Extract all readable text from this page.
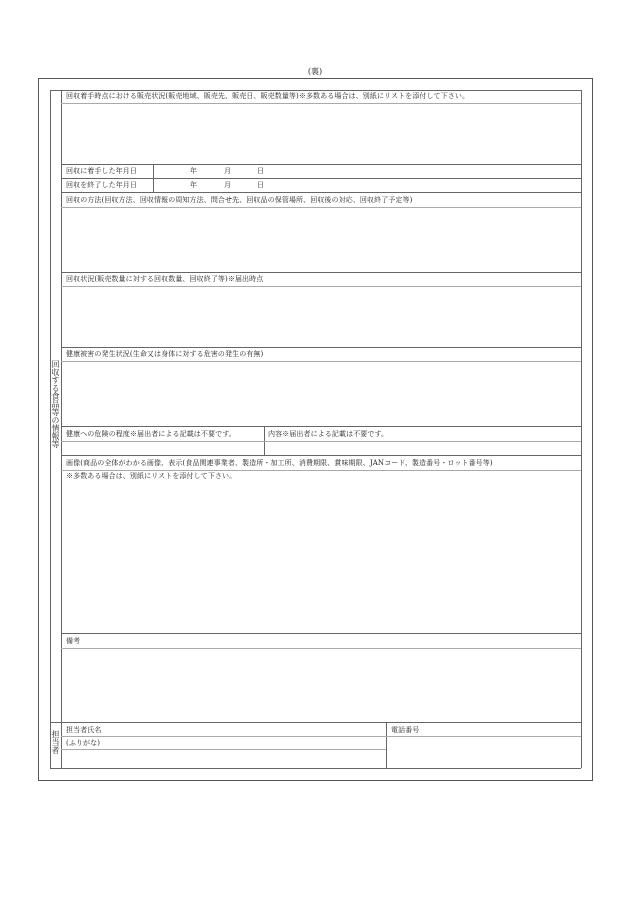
(裏)
回収する食品等の情報等
担当者
回収着手時点における販売状況(販売地域、販売先、販売日、販売数量等)※多数ある場合は、別紙にリストを添付して下さい。
回収に着手した年月日	年	月	日
回収を終了した年月日	年	月	日
回収の方法(回収方法、回収情報の周知方法、問合せ先、回収品の保管場所、回収後の対応、回収終了予定等)
回収状況(販売数量に対する回収数量、回収終了等)※届出時点
健康被害の発生状況(生命又は身体に対する危害の発生の有無)
健康への危険の程度※届出者による記載は不要です。	内容※届出者による記載は不要です。
画像(商品の全体がわかる画像、表示(食品関連事業者、製造所・加工所、消費期限、賞味期限、JANコード、製造番号・ロット番号等)
※多数ある場合は、別紙にリストを添付して下さい。
備考
担当者氏名	電話番号
(ふりがな)
